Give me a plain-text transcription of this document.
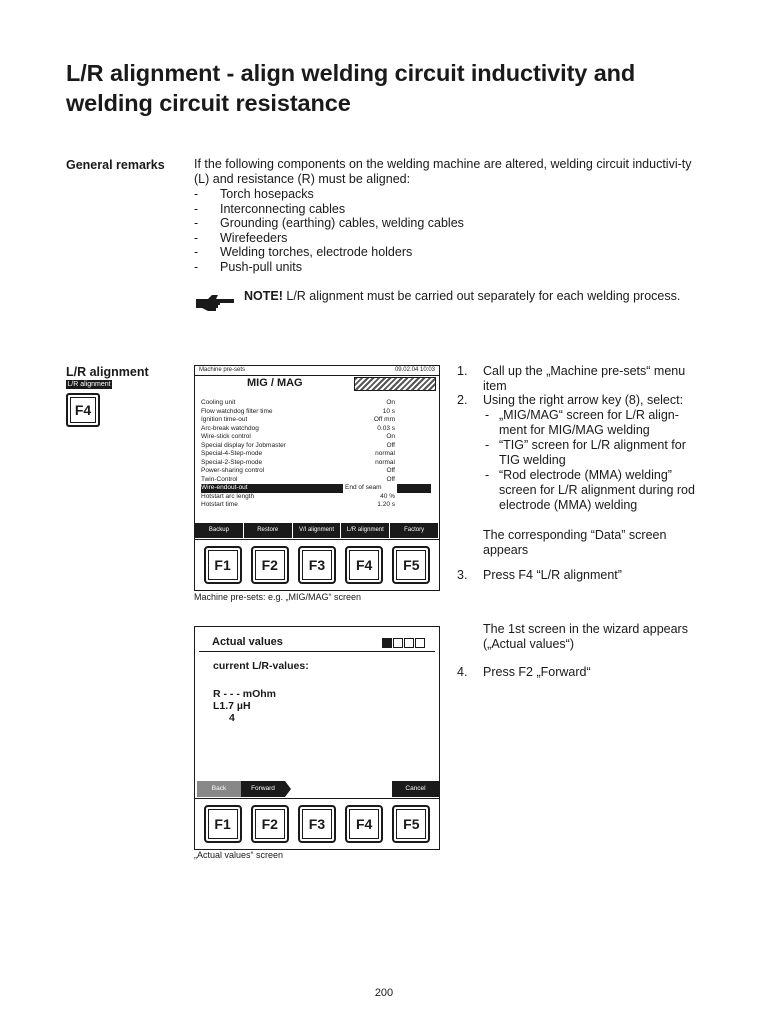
L/R alignment - align welding circuit inductivity and welding circuit resistance
General remarks If the following components on the welding machine are altered, welding circuit inductivi-ty (L) and resistance (R) must be aligned:
- Torch hosepacks
- Interconnecting cables
- Grounding (earthing) cables, welding cables
- Wirefeeders
- Welding torches, electrode holders
- Push-pull units
NOTE! L/R alignment must be carried out separately for each welding process.
L/R alignment
L/R alignment
F4
Machine pre-sets	09.02.04 10:03
MIG / MAG
Cooling unit	On
Flow watchdog filter time	10 s
Ignition time-out	Off mm
Arc-break watchdog	0.03 s
Wire-stick control	On
Special display for Jobmaster	Off
Special-4-Step-mode	normal
Special-2-Step-mode	normal
Power-sharing control	Off
Twin-Control	Off
Wire-endout-out	End of seam
Hotstart arc length	40 %
Hotstart time	1.20 s
Backup	Restore	V/I alignment	L/R alignment	Factory
F1	F2	F3	F4	F5
Machine pre-sets: e.g. „MIG/MAG“ screen
Actual values
current L/R-values:
R - - - mOhm
L1.7 µH
4
Back	Forward	Cancel
F1	F2	F3	F4	F5
„Actual values“ screen
1. Call up the „Machine pre-sets“ menu item
2. Using the right arrow key (8), select:
- „MIG/MAG“ screen for L/R align-ment for MIG/MAG welding
- “TIG” screen for L/R alignment for TIG welding
- “Rod electrode (MMA) welding” screen for L/R alignment during rod electrode (MMA) welding
The corresponding “Data” screen appears
3. Press F4 “L/R alignment”
The 1st screen in the wizard appears („Actual values“)
4. Press F2 „Forward“
200
